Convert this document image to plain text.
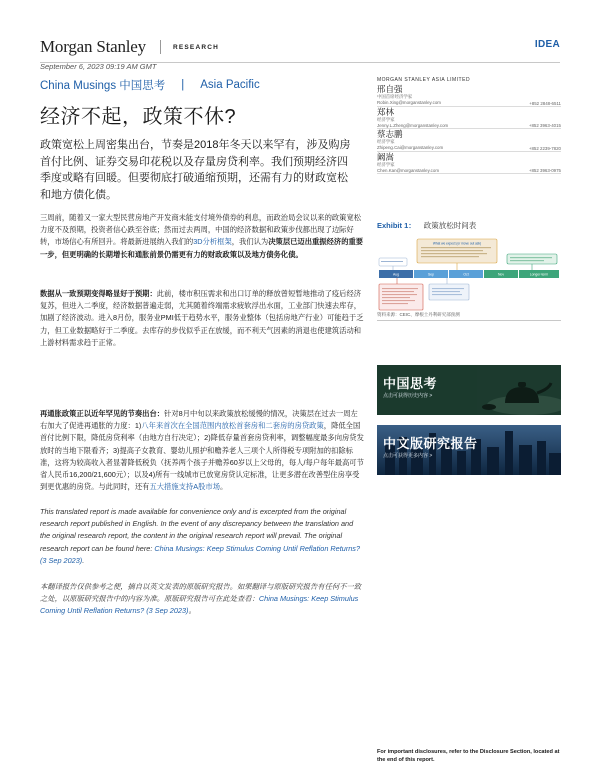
Morgan Stanley	RESEARCH	IDEA
September 6, 2023 09:19 AM GMT
China Musings 中国思考 | Asia Pacific
经济不起，政策不休?
政策宽松上周密集出台，节奏是2018年冬天以来罕有，涉及购房首付比例、证券交易印花税以及存量房贷利率。我们预期经济四季度或略有回暖。但要彻底打破通缩预期，还需有力的财政宽松和地方债化债。
三周前，随着又一家大型民营房地产开发商未能支付境外债券的利息，而政治局会议以来的政策宽松力度不及预期，投资者信心跌至谷底；然而过去两周，中国的经济数据和政策步伐都出现了边际好转，市场信心有所回升。将最新进展纳入我们的3D分析框架，我们认为决策层已迈出重振经济的重要一步，但更明确的长期增长和通胀前景仍需更有力的财政政策以及地方债务化债。
数据从一致预期变得略显好于预期：此前，楼市积压需求和出口订单的释放曾短暂地推动了疫后经济复苏，但进入二季度，经济数据普遍走弱，尤其随着终端需求疲软浮出水面，工业部门快速去库存，加剧了经济波动。进入8月份，服务业PMI低于趋势水平，服务业整体（包括房地产行业）可能趋于乏力，但工业数据略好于二季度。去库存的步伐似乎正在放缓，而不利天气因素的消退也使建筑活动和上游材料需求趋于正常。
再通胀政策正以近年罕见的节奏出台：针对8月中旬以来政策放松缓慢的情况，决策层在过去一周左右加大了促进再通胀的力度：1)八年来首次在全国范围内放松首套房和二套房的房贷政策，降低全国首付比例下限，降低房贷利率（由地方自行决定）；2)降低存量首套房贷利率，调整幅度最多向房贷发放时的当地下限看齐；3)提高子女教育、婴幼儿照护和赡养老人三项个人所得税专项附加的扣除标准，这将为较高收入者显著降低税负（抚养两个孩子并赡养60岁以上父母的，每人/每户每年最高可节省人民币16,200/21,600元）；以及4)所有一线城市已放宽房贷认定标准，让更多潜在改善型住房享受到更优惠的房贷。与此同时，还有五大措施支持A股市场。
This translated report is made available for convenience only and is excerpted from the original research report published in English. In the event of any discrepancy between the translation and the original research report, the content in the original research report will prevail. The original research report can be found here: China Musings: Keep Stimulus Coming Until Reflation Returns? (3 Sep 2023).
本翻译报告仅供参考之便，摘自以英文发表的原版研究报告。如果翻译与原版研究报告有任何不一致之处，以原版研究报告中的内容为准。原版研究报告可在此处查看：China Musings: Keep Stimulus Coming Until Reflation Returns? (3 Sep 2023)。
MORGAN STANLEY ASIA LIMITED
邢自强
中国首席经济学家
Robin.Xing@morganstanley.com	+852 2848-6511
郑林
经济学家
Jenny.L.Zheng@morganstanley.com	+852 3963-4015
蔡志鹏
经济学家
Zhipeng.Cai@morganstanley.com	+852 2239-7820
阚嵩
经济学家
Chen.Kan@morganstanley.com	+852 3963-0975
Exhibit 1： 政策放松时间表
What we expect (or move out ask)
Aug	Sep	Oct	Nov	Longer-term
资料来源：CEIC、摩根士丹利研究部预测
中国思考
点击可获得历史内容 >
中文版研究报告
点击可获得更多内容 >
For important disclosures, refer to the Disclosure Section, located at the end of this report.
